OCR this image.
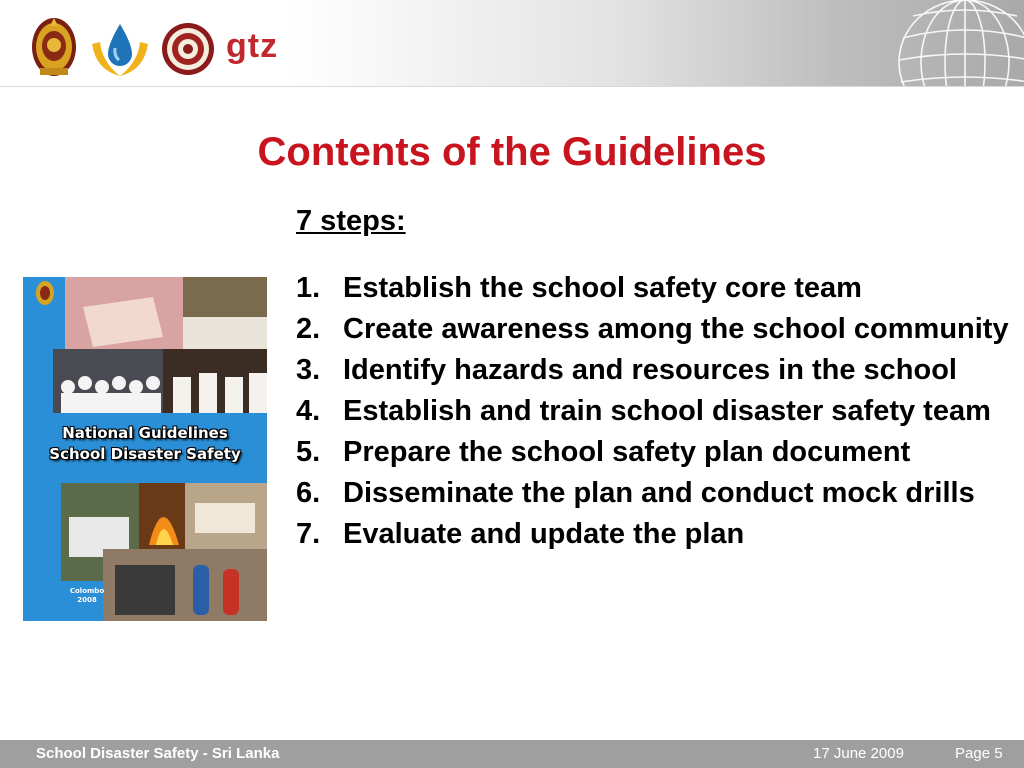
gtz
Contents of the Guidelines
7 steps:
1. Establish the school safety core team
2. Create awareness among the school community
3. Identify hazards and resources in the school
4. Establish and train school disaster safety team
5. Prepare the school safety plan document
6. Disseminate the plan and conduct mock drills
7. Evaluate and update the plan
National Guidelines
School Disaster Safety
Colombo
2008
School Disaster Safety - Sri Lanka	17 June 2009	Page 5
